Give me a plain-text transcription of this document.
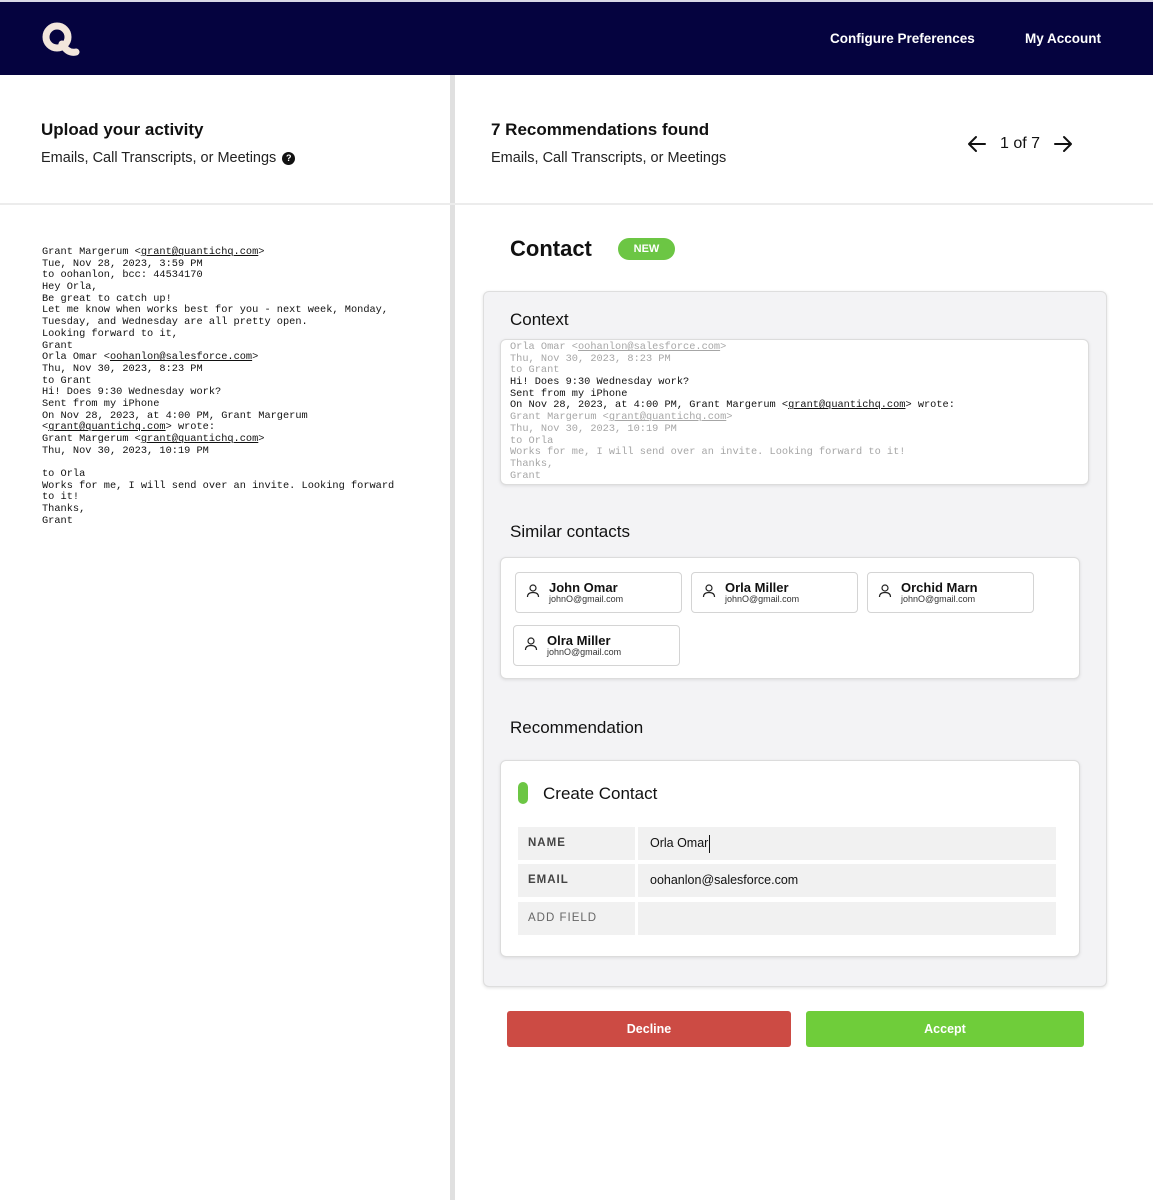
Configure Preferences	My Account
Upload your activity
Emails, Call Transcripts, or Meetings ?
7 Recommendations found
Emails, Call Transcripts, or Meetings
1 of 7
Grant Margerum <grant@quantichq.com>
Tue, Nov 28, 2023, 3:59 PM
to oohanlon, bcc: 44534170
Hey Orla,
Be great to catch up!
Let me know when works best for you - next week, Monday,
Tuesday, and Wednesday are all pretty open.
Looking forward to it,
Grant
Orla Omar <oohanlon@salesforce.com>
Thu, Nov 30, 2023, 8:23 PM
to Grant
Hi! Does 9:30 Wednesday work?
Sent from my iPhone
On Nov 28, 2023, at 4:00 PM, Grant Margerum
<grant@quantichq.com> wrote:
Grant Margerum <grant@quantichq.com>
Thu, Nov 30, 2023, 10:19 PM

to Orla
Works for me, I will send over an invite. Looking forward
to it!
Thanks,
Grant
Contact	NEW
Context
Orla Omar <oohanlon@salesforce.com>
Thu, Nov 30, 2023, 8:23 PM
to Grant
Hi! Does 9:30 Wednesday work?
Sent from my iPhone
On Nov 28, 2023, at 4:00 PM, Grant Margerum <grant@quantichq.com> wrote:
Grant Margerum <grant@quantichq.com>
Thu, Nov 30, 2023, 10:19 PM
to Orla
Works for me, I will send over an invite. Looking forward to it!
Thanks,
Grant
Similar contacts
John Omar
johnO@gmail.com
Orla Miller
johnO@gmail.com
Orchid Marn
johnO@gmail.com
Olra Miller
johnO@gmail.com
Recommendation
Create Contact
NAME	Orla Omar
EMAIL	oohanlon@salesforce.com
ADD FIELD
Decline	Accept
